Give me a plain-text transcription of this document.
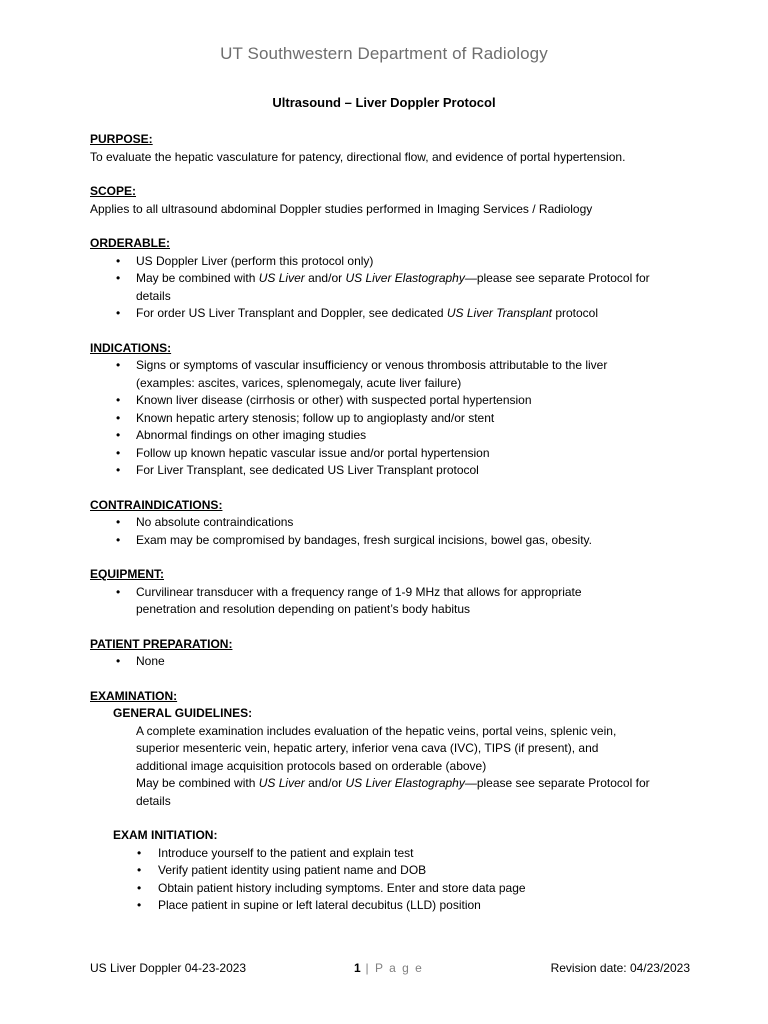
UT Southwestern Department of Radiology
Ultrasound – Liver Doppler Protocol
PURPOSE:
To evaluate the hepatic vasculature for patency, directional flow, and evidence of portal hypertension.
SCOPE:
Applies to all ultrasound abdominal Doppler studies performed in Imaging Services / Radiology
ORDERABLE:
• US Doppler Liver (perform this protocol only)
• May be combined with US Liver and/or US Liver Elastography—please see separate Protocol for
details
• For order US Liver Transplant and Doppler, see dedicated US Liver Transplant protocol
INDICATIONS:
• Signs or symptoms of vascular insufficiency or venous thrombosis attributable to the liver
(examples: ascites, varices, splenomegaly, acute liver failure)
• Known liver disease (cirrhosis or other) with suspected portal hypertension
• Known hepatic artery stenosis; follow up to angioplasty and/or stent
• Abnormal findings on other imaging studies
• Follow up known hepatic vascular issue and/or portal hypertension
• For Liver Transplant, see dedicated US Liver Transplant protocol
CONTRAINDICATIONS:
• No absolute contraindications
• Exam may be compromised by bandages, fresh surgical incisions, bowel gas, obesity.
EQUIPMENT:
• Curvilinear transducer with a frequency range of 1-9 MHz that allows for appropriate
penetration and resolution depending on patient’s body habitus
PATIENT PREPARATION:
• None
EXAMINATION:
GENERAL GUIDELINES:
A complete examination includes evaluation of the hepatic veins, portal veins, splenic vein,
superior mesenteric vein, hepatic artery, inferior vena cava (IVC), TIPS (if present), and
additional image acquisition protocols based on orderable (above)
May be combined with US Liver and/or US Liver Elastography—please see separate Protocol for
details
EXAM INITIATION:
• Introduce yourself to the patient and explain test
• Verify patient identity using patient name and DOB
• Obtain patient history including symptoms. Enter and store data page
• Place patient in supine or left lateral decubitus (LLD) position
US Liver Doppler 04-23-2023	1 | P a g e	Revision date: 04/23/2023
